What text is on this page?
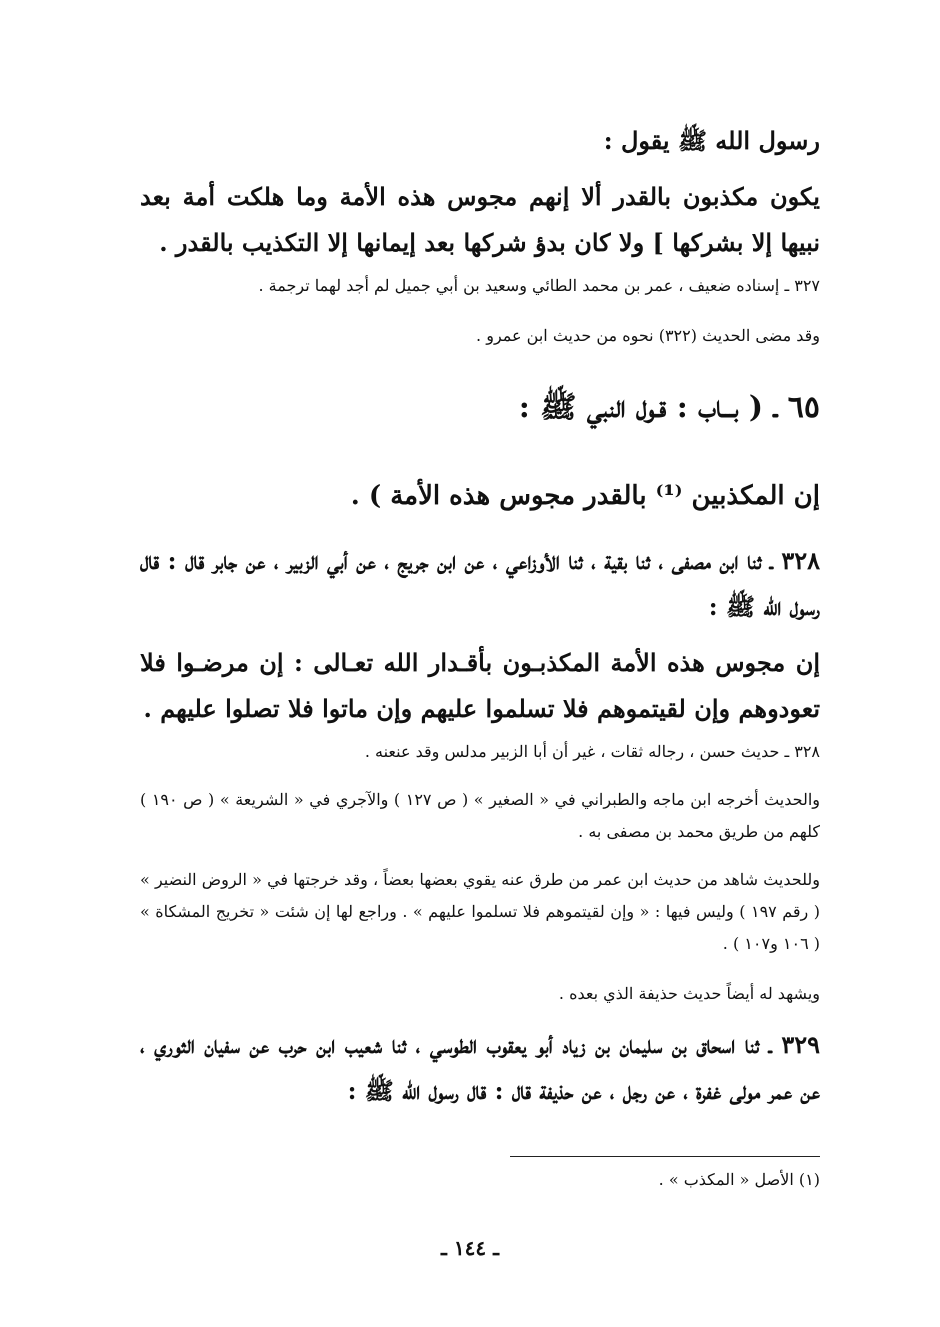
رسول الله ﷺ يقول :

يكون مكذبون بالقدر ألا إنهم مجوس هذه الأمة وما هلكت أمة بعد نبيها إلا بشركها ] ولا كان بدؤ شركها بعد إيمانها إلا التكذيب بالقدر .

٣٢٧ ـ إسناده ضعيف ، عمر بن محمد الطائي وسعيد بن أبي جميل لم أجد لهما ترجمة .

وقد مضى الحديث (٣٢٢) نحوه من حديث ابن عمرو .

٦٥ ـ ( بـــاب : قـول النبي ﷺ :

إن المكذبين ⁽¹⁾ بالقدر مجوس هذه الأمة ) .

٣٢٨ ـ ثنا ابن مصفى ، ثنا بقية ، ثنا الأوزاعي ، عن ابن جريج ، عن أبي الزبير ، عن جابر قال : قال رسول الله ﷺ :

إن مجوس هذه الأمة المكذبـون بأقـدار الله تعـالى : إن مرضـوا فلا تعودوهم وإن لقيتموهم فلا تسلموا عليهم وإن ماتوا فلا تصلوا عليهم .

٣٢٨ ـ حديث حسن ، رجاله ثقات ، غير أن أبا الزبير مدلس وقد عنعنه .

والحديث أخرجه ابن ماجه والطبراني في « الصغير » ( ص ١٢٧ ) والآجري في « الشريعة » ( ص ١٩٠ ) كلهم من طريق محمد بن مصفى به .

وللحديث شاهد من حديث ابن عمر من طرق عنه يقوي بعضها بعضاً ، وقد خرجتها في « الروض النضير » ( رقم ١٩٧ ) وليس فيها : « وإن لقيتموهم فلا تسلموا عليهم » . وراجع لها إن شئت « تخريج المشكاة » ( ١٠٦ و١٠٧ ) .

ويشهد له أيضاً حديث حذيفة الذي بعده .

٣٢٩ ـ ثنا اسحاق بن سليمان بن زياد أبو يعقوب الطوسي ، ثنا شعيب ابن حرب عن سفيان الثوري ، عن عمر مولى غفرة ، عن رجل ، عن حذيفة قال : قال رسول الله ﷺ :

(١) الأصل « المكذب » .

ـ ١٤٤ ـ
